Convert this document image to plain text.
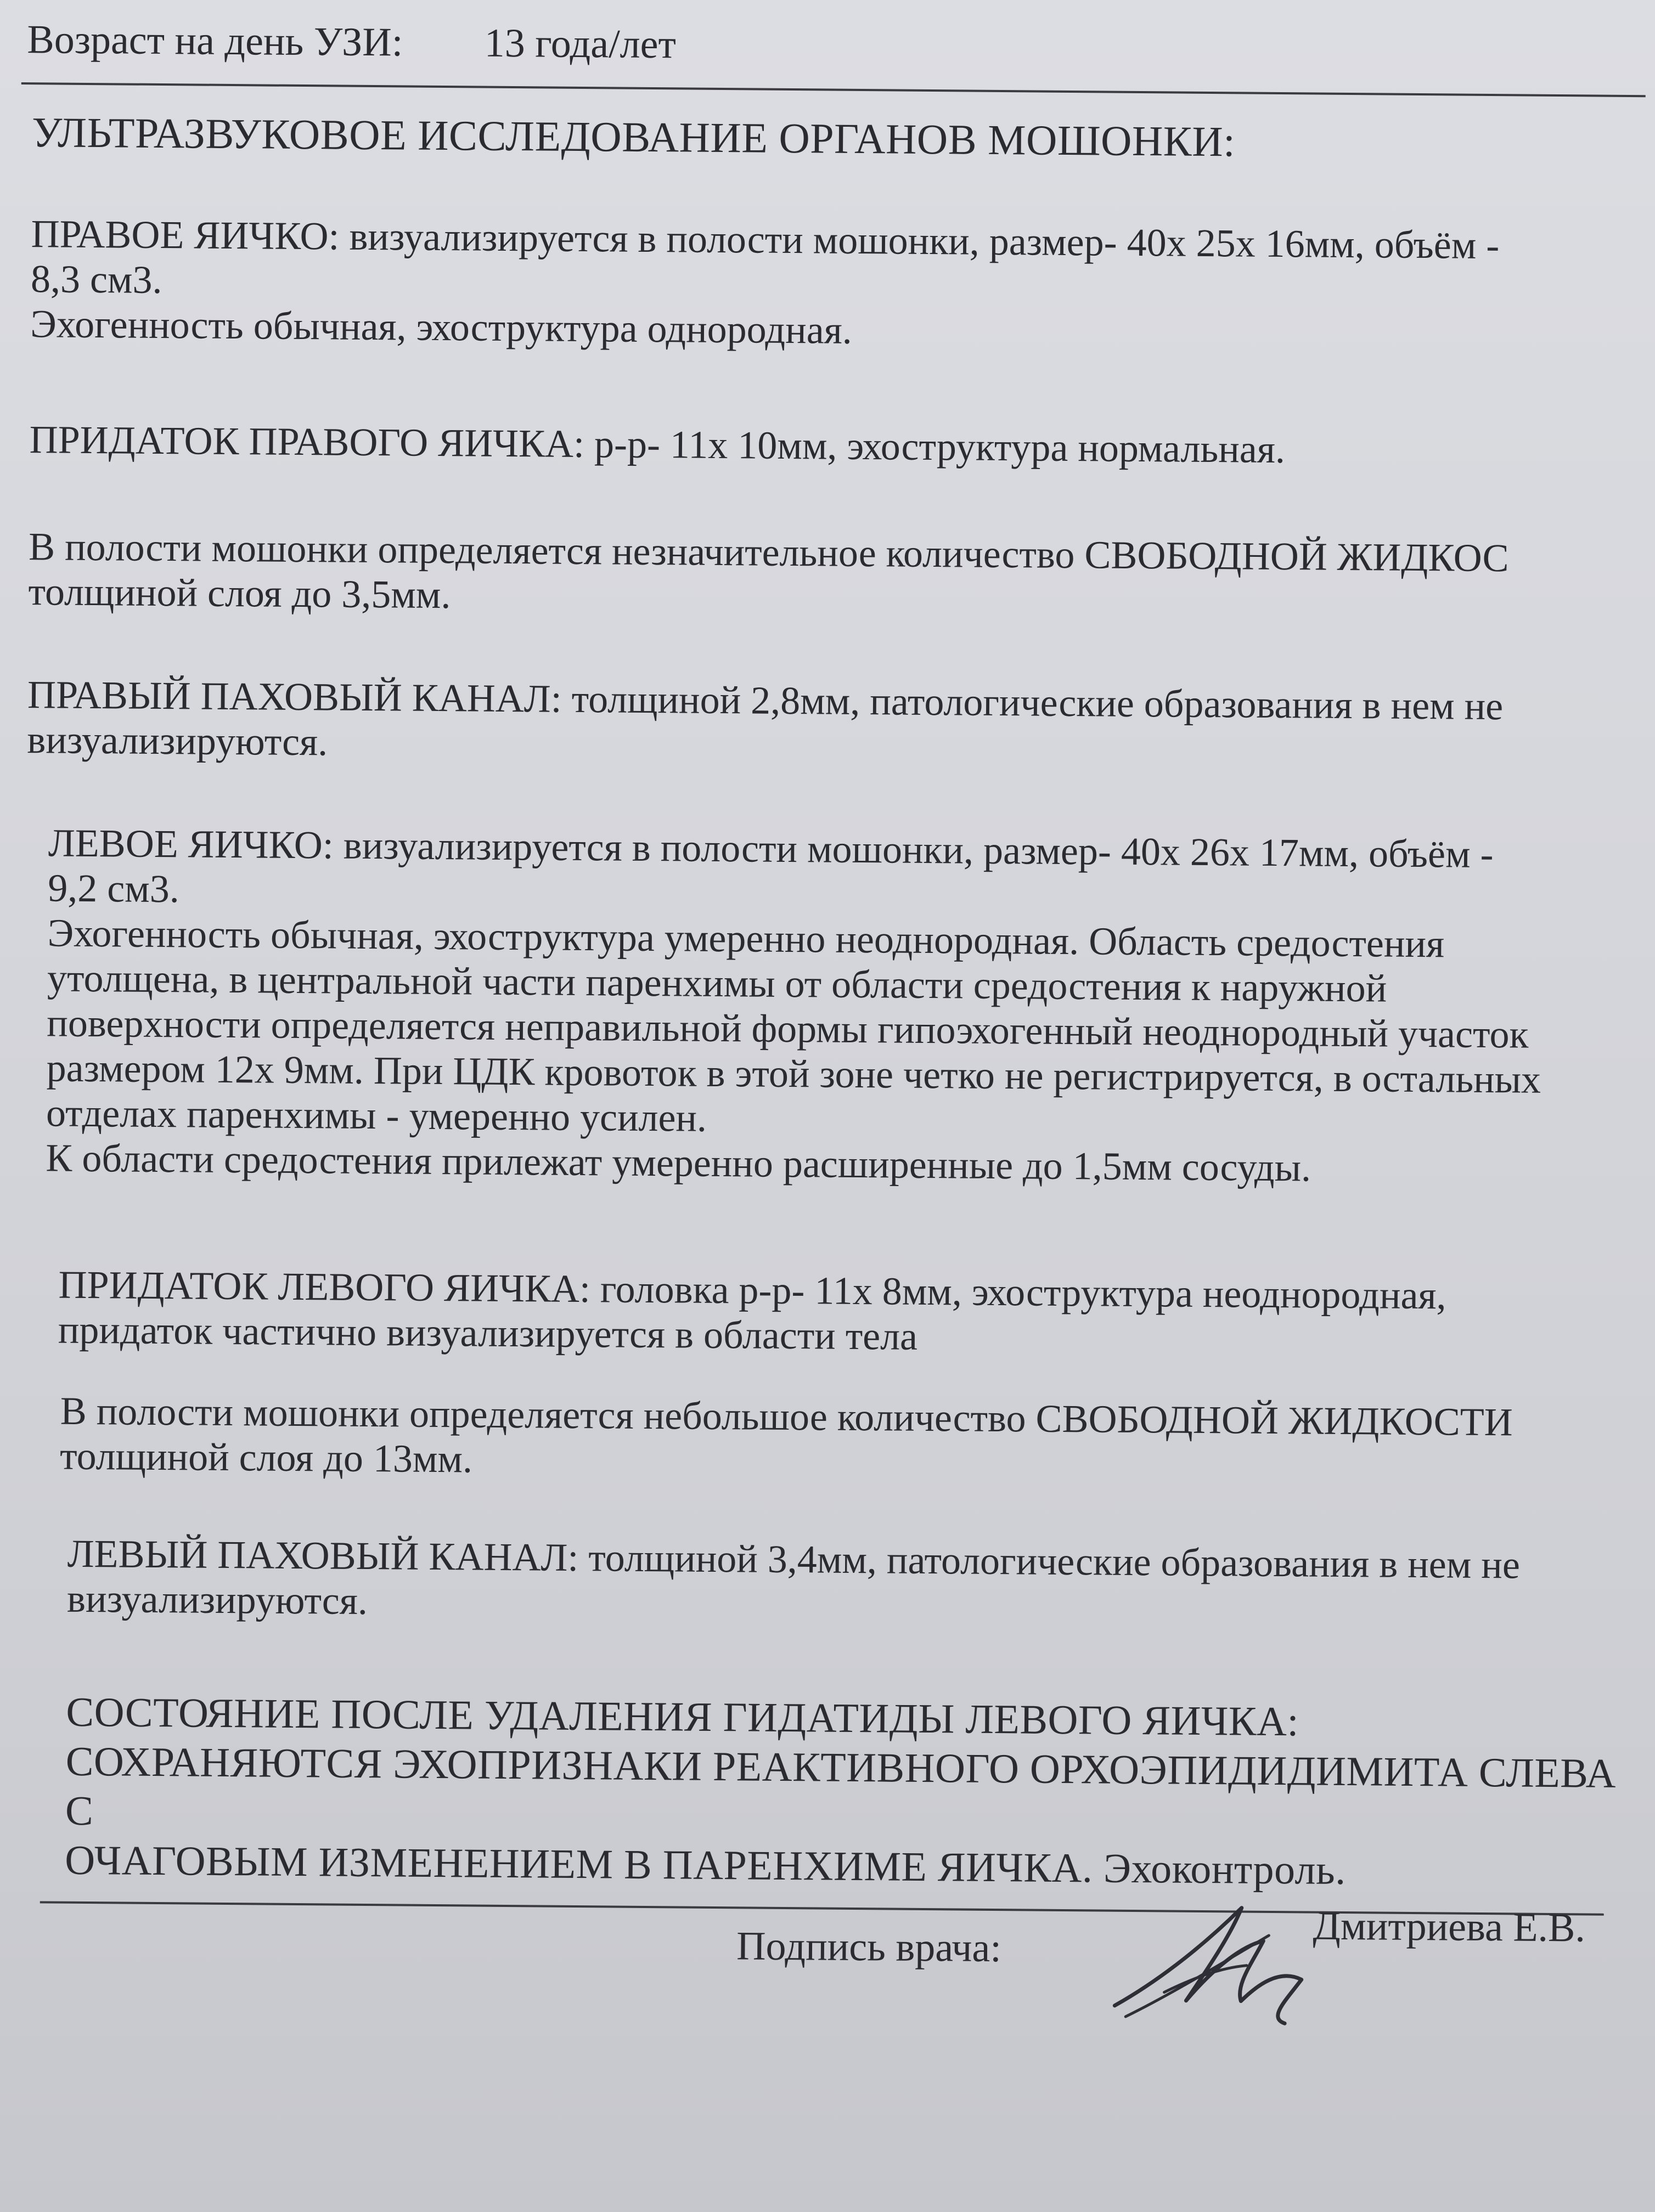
Возраст на день УЗИ: 13 года/лет

УЛЬТРАЗВУКОВОЕ ИССЛЕДОВАНИЕ ОРГАНОВ МОШОНКИ:

ПРАВОЕ ЯИЧКО: визуализируется в полости мошонки, размер- 40х 25х 16мм, объём -

8,3 см3.

Эхогенность обычная, эхоструктура однородная.

ПРИДАТОК ПРАВОГО ЯИЧКА: р-р- 11х 10мм, эхоструктура нормальная.

В полости мошонки определяется незначительное количество СВОБОДНОЙ ЖИДКОС

толщиной слоя до 3,5мм.

ПРАВЫЙ ПАХОВЫЙ КАНАЛ: толщиной 2,8мм, патологические образования в нем не

визуализируются.

ЛЕВОЕ ЯИЧКО: визуализируется в полости мошонки, размер- 40х 26х 17мм, объём -

9,2 см3.

Эхогенность обычная, эхоструктура умеренно неоднородная. Область средостения

утолщена, в центральной части паренхимы от области средостения к наружной

поверхности определяется неправильной формы гипоэхогенный неоднородный участок

размером 12х 9мм. При ЦДК кровоток в этой зоне четко не регистрируется, в остальных

отделах паренхимы - умеренно усилен.

К области средостения прилежат умеренно расширенные до 1,5мм сосуды.

ПРИДАТОК ЛЕВОГО ЯИЧКА: головка р-р- 11х 8мм, эхоструктура неоднородная,

придаток частично визуализируется в области тела

В полости мошонки определяется небольшое количество СВОБОДНОЙ ЖИДКОСТИ

толщиной слоя до 13мм.

ЛЕВЫЙ ПАХОВЫЙ КАНАЛ: толщиной 3,4мм, патологические образования в нем не

визуализируются.

СОСТОЯНИЕ ПОСЛЕ УДАЛЕНИЯ ГИДАТИДЫ ЛЕВОГО ЯИЧКА:

СОХРАНЯЮТСЯ ЭХОПРИЗНАКИ РЕАКТИВНОГО ОРХОЭПИДИДИМИТА СЛЕВА С

ОЧАГОВЫМ ИЗМЕНЕНИЕМ В ПАРЕНХИМЕ ЯИЧКА. Эхоконтроль.

Подпись врача:	Дмитриева Е.В.
